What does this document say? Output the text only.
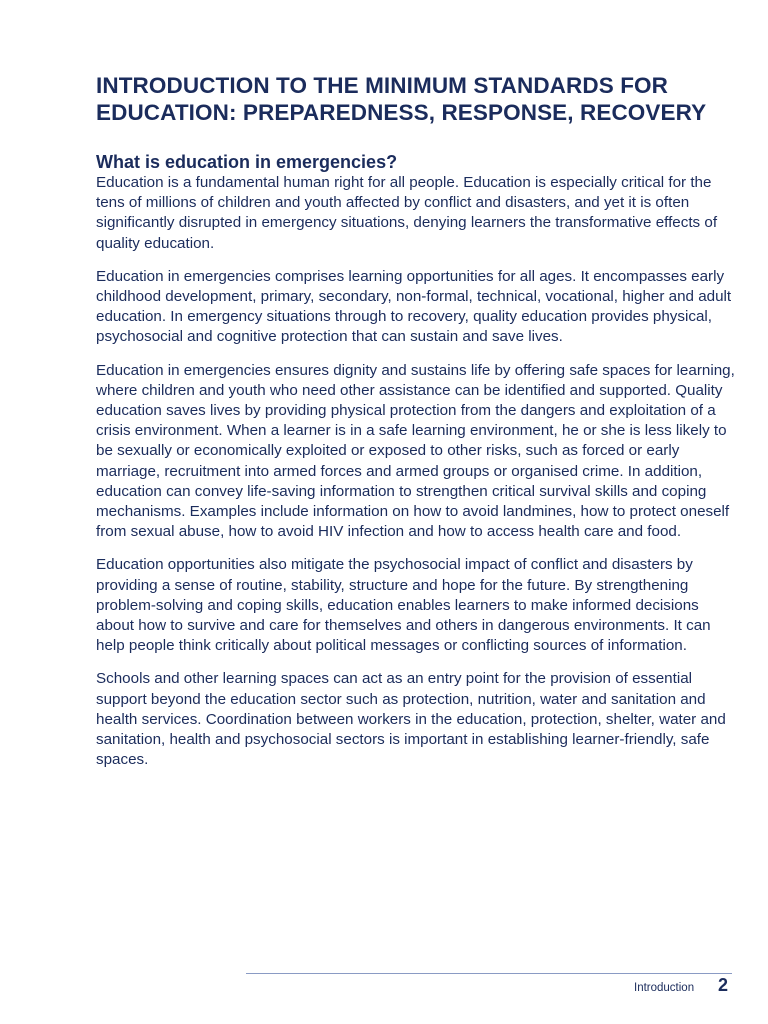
INTRODUCTION TO THE MINIMUM STANDARDS FOR EDUCATION: PREPAREDNESS, RESPONSE, RECOVERY
What is education in emergencies?

Education is a fundamental human right for all people. Education is especially critical for the tens of millions of children and youth affected by conflict and disasters, and yet it is often significantly disrupted in emergency situations, denying learners the transformative effects of quality education.

Education in emergencies comprises learning opportunities for all ages. It encompasses early childhood development, primary, secondary, non-formal, technical, vocational, higher and adult education. In emergency situations through to recovery, quality education provides physical, psychosocial and cognitive protection that can sustain and save lives.

Education in emergencies ensures dignity and sustains life by offering safe spaces for learning, where children and youth who need other assistance can be identified and supported. Quality education saves lives by providing physical protection from the dangers and exploitation of a crisis environment. When a learner is in a safe learning environment, he or she is less likely to be sexually or economically exploited or exposed to other risks, such as forced or early marriage, recruitment into armed forces and armed groups or organised crime. In addition, education can convey life-saving information to strengthen critical survival skills and coping mechanisms. Examples include information on how to avoid landmines, how to protect oneself from sexual abuse, how to avoid HIV infection and how to access health care and food.

Education opportunities also mitigate the psychosocial impact of conflict and disasters by providing a sense of routine, stability, structure and hope for the future. By strengthening problem-solving and coping skills, education enables learners to make informed decisions about how to survive and care for themselves and others in dangerous environments. It can help people think critically about political messages or conflicting sources of information.

Schools and other learning spaces can act as an entry point for the provision of essential support beyond the education sector such as protection, nutrition, water and sanitation and health services. Coordination between workers in the education, protection, shelter, water and sanitation, health and psychosocial sectors is important in establishing learner-friendly, safe spaces.

Introduction 2
